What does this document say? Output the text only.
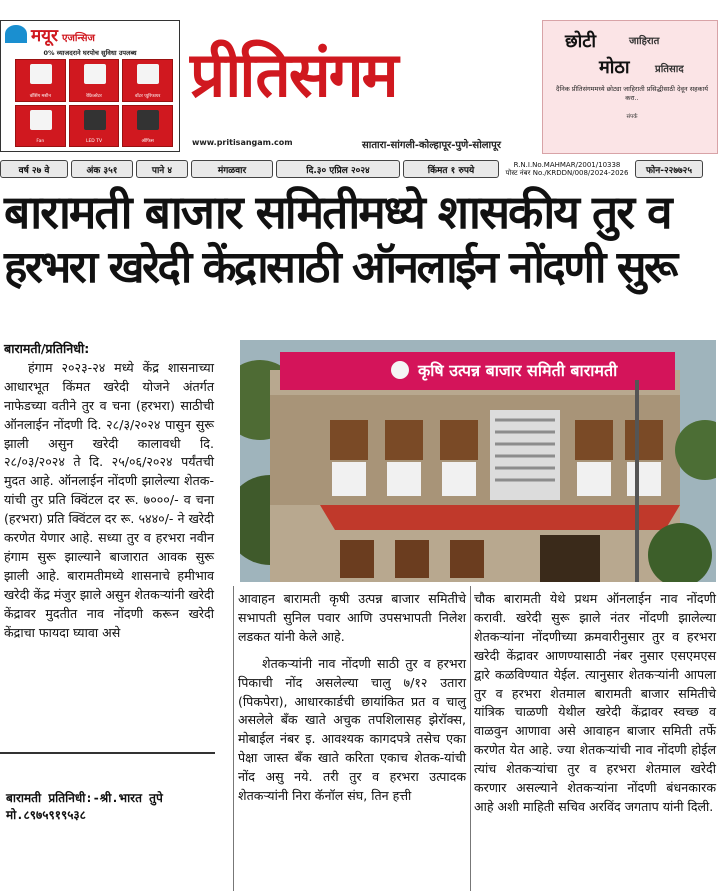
मयूर एजन्सिज
0% व्याजदराने घरपोच सुविधा उपलब्ध
वॉशिंग मशीन	रेफ्रिजरेटर	वॉटर प्युरिफायर
Fan	LED TV	ऑफिस
प्रीतिसंगम
www.pritisangam.com	सातारा-सांगली-कोल्हापूर-पुणे-सोलापूर
छोटी	जाहिरात
मोठा	प्रतिसाद
दैनिक प्रीतिसंगममध्ये छोट्या जाहिराती प्रसिद्धीसाठी देवून सहकार्य करा..
संपर्क
वर्ष २७ वे	अंक ३५१	पाने ४	मंगळवार	दि.३० एप्रिल २०२४	किंमत १ रुपये
R.N.I.No.MAHMAR/2001/10338
पोस्ट नंबर No./KRDDN/008/2024-2026	फोन-२२७७२५
बारामती बाजार समितीमध्ये शासकीय तुर व
हरभरा खरेदी केंद्रासाठी ऑनलाईन नोंदणी सुरू
बारामती/प्रतिनिधी:
हंगाम २०२३-२४ मध्ये केंद्र शासनाच्या आधारभूत किंमत खरेदी योजने अंतर्गत नाफेडच्या वतीने तुर व चना (हरभरा) साठीची ऑनलाईन नोंदणी दि. २८/३/२०२४ पासुन सुरू झाली असुन खरेदी कालावधी दि. २८/०३/२०२४ ते दि. २५/०६/२०२४ पर्यंतची मुदत आहे. ऑनलाईन नोंदणी झालेल्या शेतक-यांची तुर प्रति क्विंटल दर रू. ७०००/- व चना (हरभरा) प्रति क्विंटल दर रू. ५४४०/- ने खरेदी करणेत येणार आहे. सध्या तुर व हरभरा नवीन हंगाम सुरू झाल्याने बाजारात आवक सुरू झाली आहे. बारामतीमध्ये शासनाचे हमीभाव खरेदी केंद्र मंजुर झाले असुन शेतकऱ्यांनी खरेदी केंद्रावर मुदतीत नाव नोंदणी करून खरेदी केंद्राचा फायदा घ्यावा असे
बारामती प्रतिनिधी:-श्री.भारत तुपे
मो.८९७५९१९५३८
कृषि उत्पन्न बाजार समिती बारामती
आवाहन बारामती कृषी उत्पन्न बाजार समितीचे सभापती सुनिल पवार आणि उपसभापती निलेश लडकत यांनी केले आहे.
शेतकऱ्यांनी नाव नोंदणी साठी तुर व हरभरा पिकाची नोंद असलेल्या चालु ७/१२ उतारा (पिकपेरा), आधारकार्डची छायांकित प्रत व चालु असलेले बँक खाते अचुक तपशिलासह झेरॉक्स, मोबाईल नंबर इ. आवश्यक कागदपत्रे तसेच एका पेक्षा जास्त बँक खाते करिता एकाच शेतक-यांची नोंद असु नये. तरी तुर व हरभरा उत्पादक शेतकऱ्यांनी निरा कॅनॉल संघ, तिन हत्ती
चौक बारामती येथे प्रथम ऑनलाईन नाव नोंदणी करावी. खरेदी सुरू झाले नंतर नोंदणी झालेल्या शेतकऱ्यांना नोंदणीच्या क्रमवारीनुसार तुर व हरभरा खरेदी केंद्रावर आणण्यासाठी नंबर नुसार एसएमएस द्वारे कळविण्यात येईल. त्यानुसार शेतकऱ्यांनी आपला तुर व हरभरा शेतमाल बारामती बाजार समितीचे यांत्रिक चाळणी येथील खरेदी केंद्रावर स्वच्छ व वाळवुन आणावा असे आवाहन बाजार समिती तर्फे करणेत येत आहे. ज्या शेतकऱ्यांची नाव नोंदणी होईल त्यांच शेतकऱ्यांचा तुर व हरभरा शेतमाल खरेदी करणार असल्याने शेतकऱ्यांना नोंदणी बंधनकारक आहे अशी माहिती सचिव अरविंद जगताप यांनी दिली.
